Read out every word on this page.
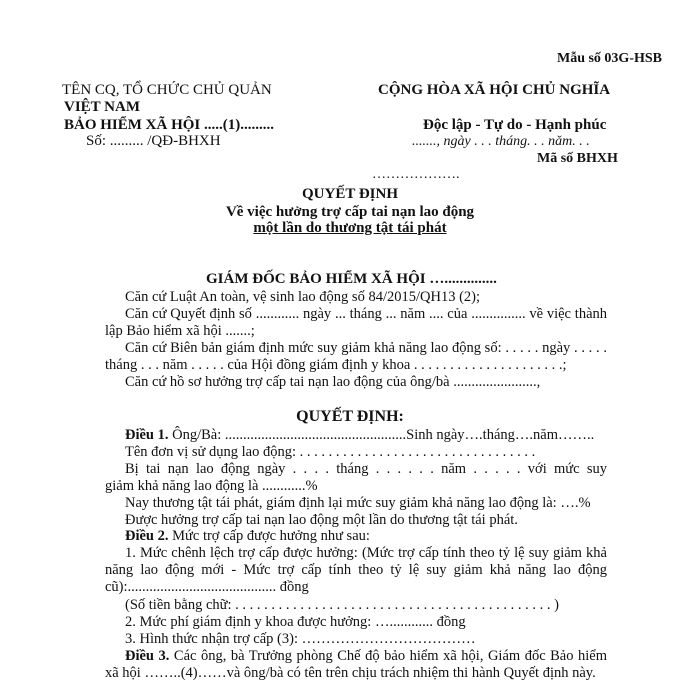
Mẫu số 03G-HSB
TÊN CQ, TỔ CHỨC CHỦ QUẢN
VIỆT NAM
BẢO HIỂM XÃ HỘI .....(1).........
Số: ......... /QĐ-BHXH
CỘNG HÒA XÃ HỘI CHỦ NGHĨA
Độc lập - Tự do - Hạnh phúc
......., ngày . . . tháng. . . năm. . .
Mã số BHXH
……………….
QUYẾT ĐỊNH
Về việc hưởng trợ cấp tai nạn lao động
một lần do thương tật tái phát
GIÁM ĐỐC BẢO HIỂM XÃ HỘI …..............
Căn cứ Luật An toàn, vệ sinh lao động số 84/2015/QH13 (2);
Căn cứ Quyết định số ............ ngày ... tháng ... năm .... của ............... về việc thành
lập Bảo hiểm xã hội .......;
Căn cứ Biên bản giám định mức suy giảm khả năng lao động số: . . . . . ngày . . . . .
tháng . . . năm . . . . . của Hội đồng giám định y khoa . . . . . . . . . . . . . . . . . . . . .;
Căn cứ hồ sơ hưởng trợ cấp tai nạn lao động của ông/bà .......................,
QUYẾT ĐỊNH:
Điều 1. Ông/Bà: ..................................................Sinh ngày….tháng….năm……..
Tên đơn vị sử dụng lao động: . . . . . . . . . . . . . . . . . . . . . . . . . . . . . . . . .
Bị tai nạn lao động ngày . . . . tháng . . . . . . năm . . . . . với mức suy
giảm khả năng lao động là ............%
Nay thương tật tái phát, giám định lại mức suy giảm khả năng lao động là: ….%
Được hưởng trợ cấp tai nạn lao động một lần do thương tật tái phát.
Điều 2. Mức trợ cấp được hưởng như sau:
1. Mức chênh lệch trợ cấp được hưởng: (Mức trợ cấp tính theo tỷ lệ suy giảm khả
năng lao động mới - Mức trợ cấp tính theo tỷ lệ suy giảm khả năng lao động
cũ):......................................... đồng
(Số tiền bằng chữ: . . . . . . . . . . . . . . . . . . . . . . . . . . . . . . . . . . . . . . . . . . . . )
2. Mức phí giám định y khoa được hưởng: …............ đồng
3. Hình thức nhận trợ cấp (3): ………………………………
Điều 3. Các ông, bà Trưởng phòng Chế độ bảo hiểm xã hội, Giám đốc Bảo hiểm
xã hội ……..(4)……và ông/bà có tên trên chịu trách nhiệm thi hành Quyết định này.
